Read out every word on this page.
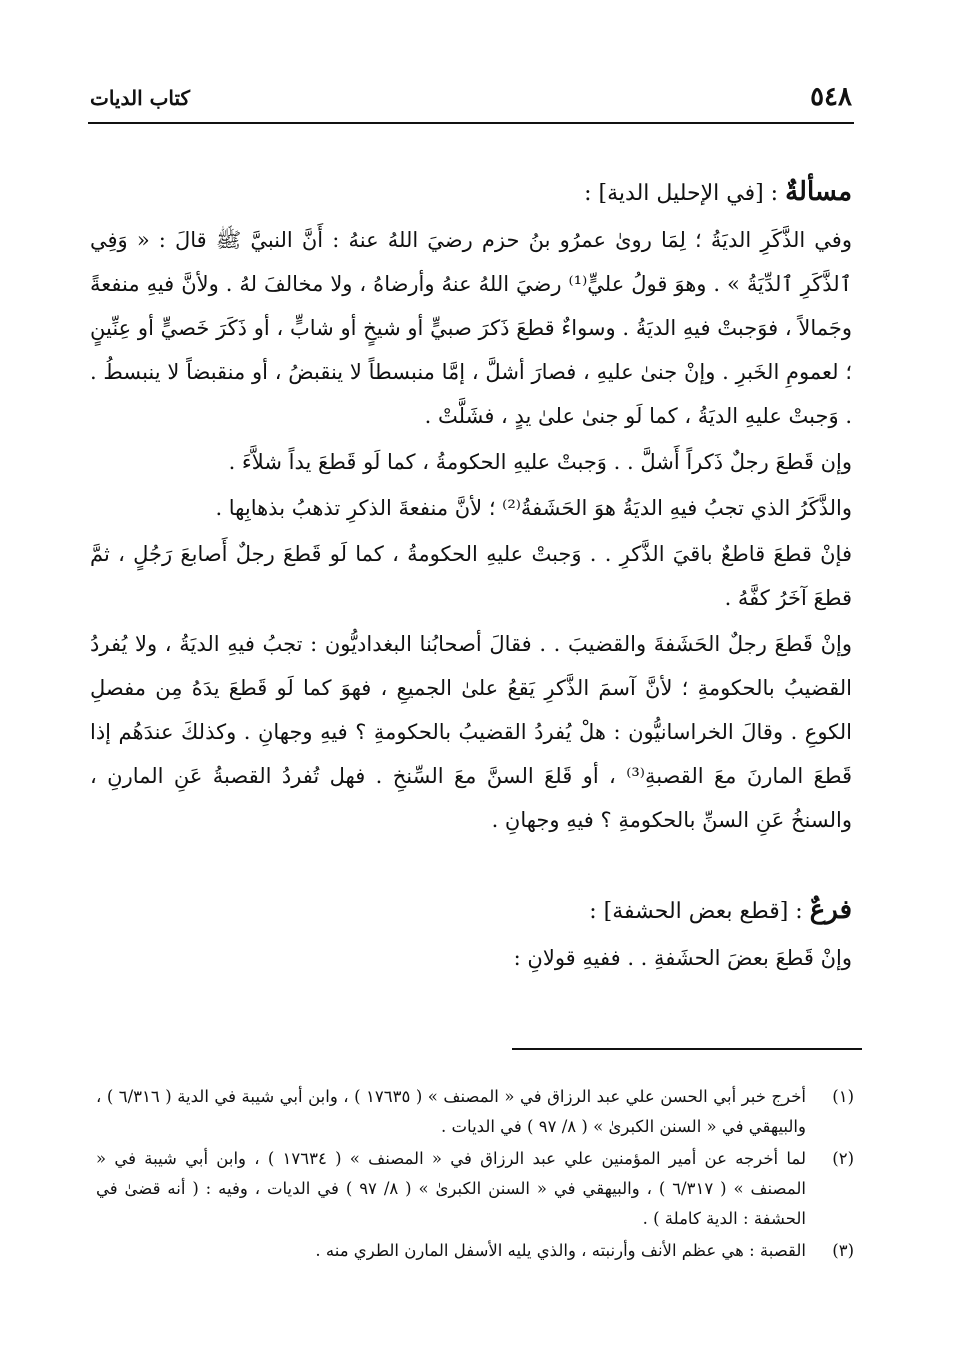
٥٤٨
كتاب الديات
مسألةٌ : [في الإحليل الدية] :

وفي الذَّكَرِ الديَةُ ؛ لِمَا روىٰ عمرُو بنُ حزم رضيَ اللهُ عنهُ : أَنَّ النبيَّ ﷺ قالَ : « وَفِي ٱلذَّكَرِ ٱلدِّيَةُ » . وهوَ قولُ عليٍّ⁽¹⁾ رضيَ اللهُ عنهُ وأرضاهُ ، ولا مخالفَ لهُ . ولأنَّ فيهِ منفعةً وجَمالاً ، فوَجبتْ فيهِ الديَةُ . وسواءٌ قطعَ ذَكرَ صبيٍّ أو شيخٍ أو شابٍّ ، أو ذَكَرَ خَصيٍّ أو عِنِّينٍ ؛ لعمومِ الخَبرِ . وإنْ جنىٰ عليهِ ، فصارَ أشلَّ ، إمَّا منبسطاً لا ينقبضُ ، أو منقبضاً لا ينبسطُ . . وَجبتْ عليهِ الديَةُ ، كما لَو جنىٰ علىٰ يدٍ ، فشَلَّتْ .

وإن قَطعَ رجلٌ ذَكراً أَشلَّ . . وَجبتْ عليهِ الحكومةُ ، كما لَو قَطعَ يداً شلاَّءَ .

والذَّكَرُ الذي تجبُ فيهِ الديَةُ هوَ الحَشَفةُ⁽²⁾ ؛ لأنَّ منفعةَ الذكرِ تذهبُ بذهابِها .

فإنْ قطعَ قاطعٌ باقيَ الذَّكرِ . . وَجبتْ عليهِ الحكومةُ ، كما لَو قَطعَ رجلٌ أَصابعَ رَجُلٍ ، ثمَّ قطعَ آخَرُ كفَّهُ .

وإنْ قَطعَ رجلٌ الحَشَفةَ والقضيبَ . . فقالَ أصحابُنا البغداديُّون : تجبُ فيهِ الديَةُ ، ولا يُفردُ القضيبُ بالحكومةِ ؛ لأنَّ آسمَ الذَّكرِ يَقعُ علىٰ الجميعِ ، فهوَ كما لَو قَطعَ يدَهُ مِن مفصلِ الكوعِ . وقالَ الخراسانيُّون : هلْ يُفردُ القضيبُ بالحكومةِ ؟ فيهِ وجهانِ . وكذلكَ عندَهُم إذا قَطعَ المارنَ معَ القصبةِ⁽³⁾ ، أو قَلعَ السنَّ معَ السِّنخِ . فهل تُفردُ القصبةُ عَنِ المارنِ ، والسنخُ عَنِ السنِّ بالحكومةِ ؟ فيهِ وجهانِ .

فرعٌ : [قطع بعض الحشفة] :

وإنْ قَطعَ بعضَ الحشَفةِ . . ففيهِ قولانِ :

(١)
أخرج خبر أبي الحسن علي عبد الرزاق في « المصنف » ( ١٧٦٣٥ ) ، وابن أبي شيبة في الدية ( ٦/٣١٦ ) ، والبيهقي في « السنن الكبرىٰ » ( ٨/ ٩٧ ) في الديات .
(٢)
لما أخرجه عن أمير المؤمنين علي عبد الرزاق في « المصنف » ( ١٧٦٣٤ ) ، وابن أبي شيبة في « المصنف » ( ٦/٣١٧ ) ، والبيهقي في « السنن الكبرىٰ » ( ٨/ ٩٧ ) في الديات ، وفيه : ( أنه قضىٰ في الحشفة : الدية كاملة ) .
(٣)
القصبة : هي عظم الأنف وأرنبته ، والذي يليه الأسفل المارن الطري منه .
